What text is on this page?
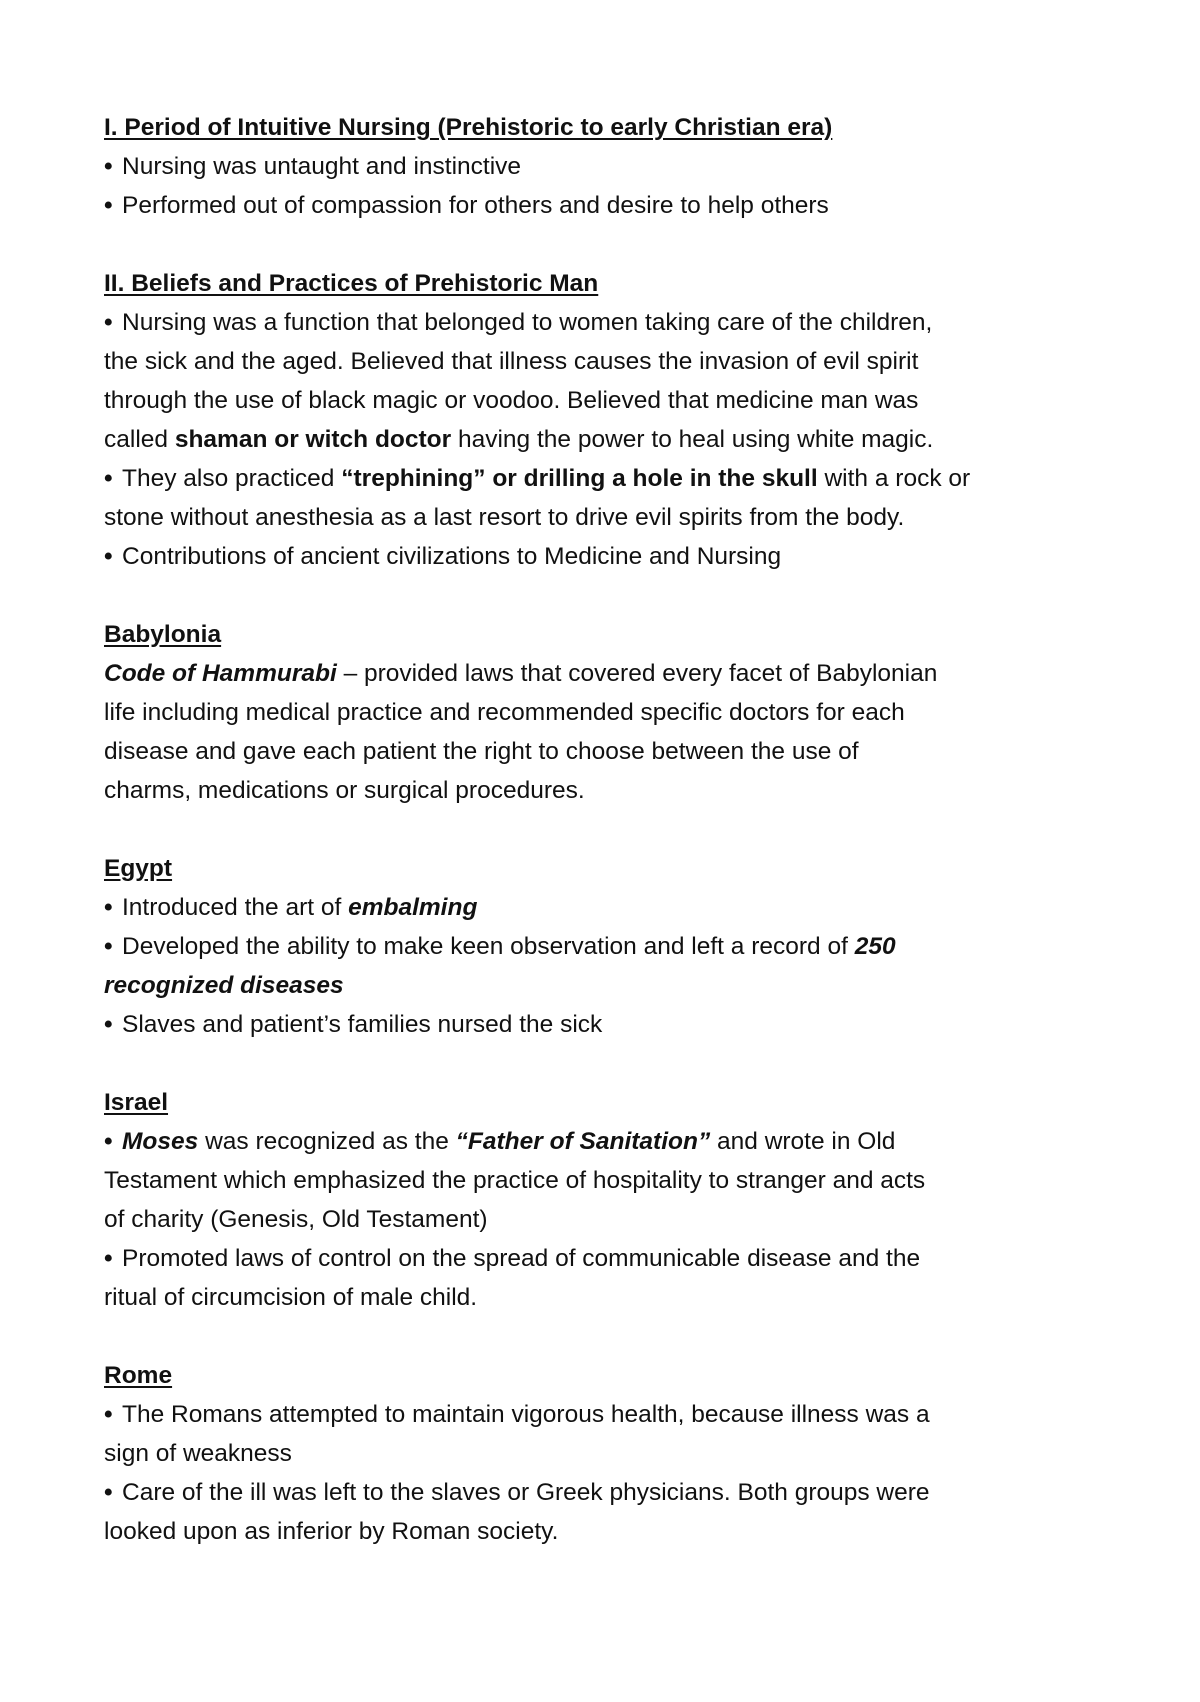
I. Period of Intuitive Nursing (Prehistoric to early Christian era)
• Nursing was untaught and instinctive
• Performed out of compassion for others and desire to help others
II. Beliefs and Practices of Prehistoric Man
• Nursing was a function that belonged to women taking care of the children,
the sick and the aged. Believed that illness causes the invasion of evil spirit
through the use of black magic or voodoo. Believed that medicine man was
called shaman or witch doctor having the power to heal using white magic.
• They also practiced “trephining” or drilling a hole in the skull with a rock or
stone without anesthesia as a last resort to drive evil spirits from the body.
• Contributions of ancient civilizations to Medicine and Nursing
Babylonia
Code of Hammurabi – provided laws that covered every facet of Babylonian
life including medical practice and recommended specific doctors for each
disease and gave each patient the right to choose between the use of
charms, medications or surgical procedures.
Egypt
• Introduced the art of embalming
• Developed the ability to make keen observation and left a record of 250
recognized diseases
• Slaves and patient’s families nursed the sick
Israel
• Moses was recognized as the “Father of Sanitation” and wrote in Old
Testament which emphasized the practice of hospitality to stranger and acts
of charity (Genesis, Old Testament)
• Promoted laws of control on the spread of communicable disease and the
ritual of circumcision of male child.
Rome
• The Romans attempted to maintain vigorous health, because illness was a
sign of weakness
• Care of the ill was left to the slaves or Greek physicians. Both groups were
looked upon as inferior by Roman society.
